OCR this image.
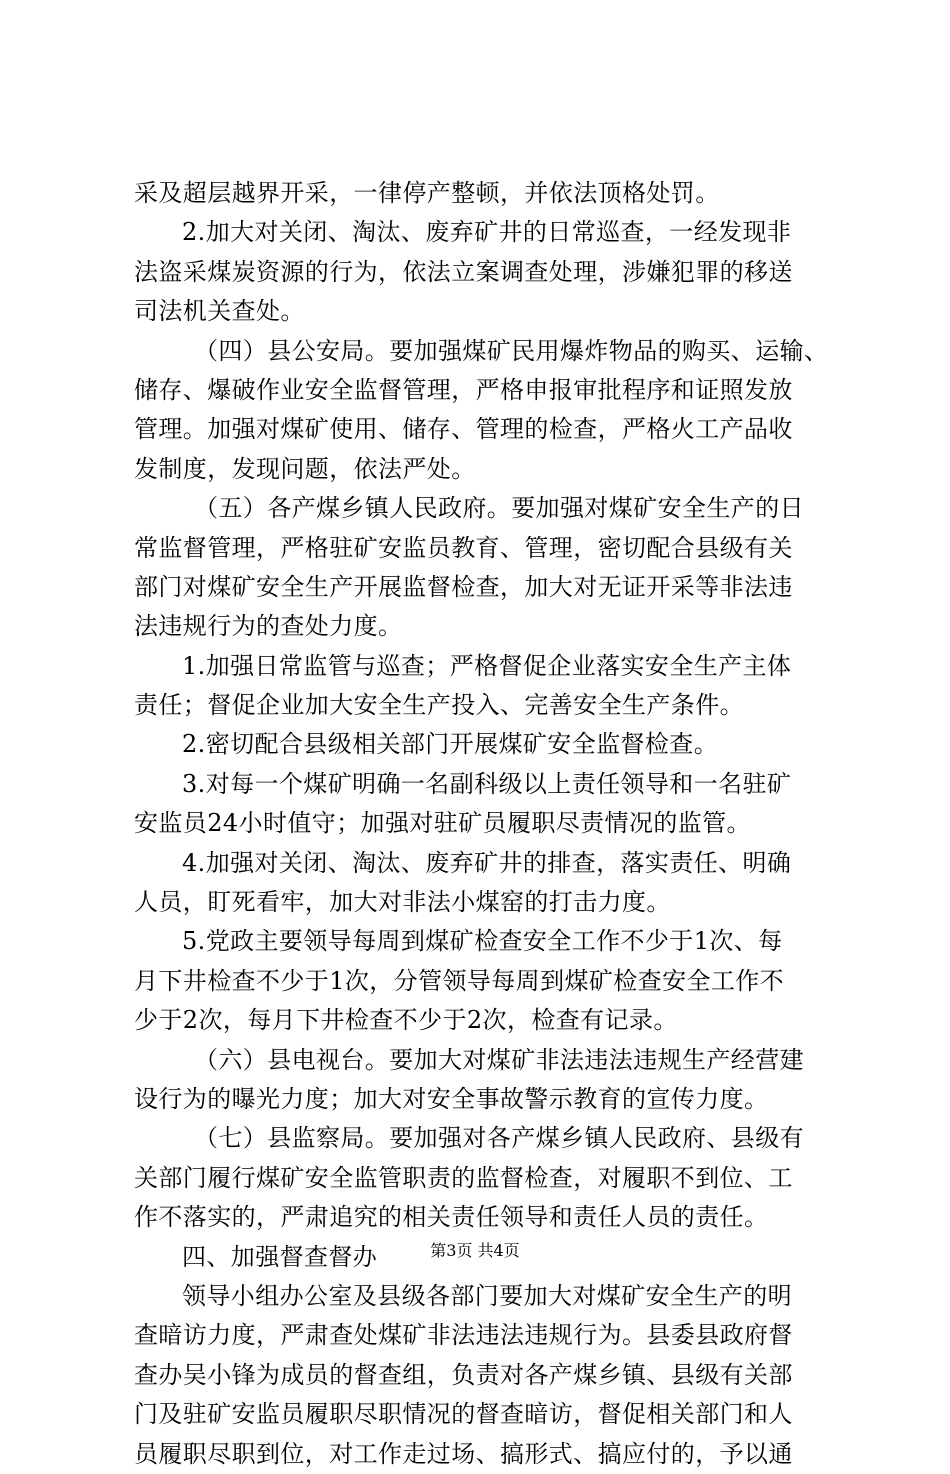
采及超层越界开采，一律停产整顿，并依法顶格处罚。
2.加大对关闭、淘汰、废弃矿井的日常巡查，一经发现非
法盗采煤炭资源的行为，依法立案调查处理，涉嫌犯罪的移送
司法机关查处。
（四）县公安局。要加强煤矿民用爆炸物品的购买、运输、
储存、爆破作业安全监督管理，严格申报审批程序和证照发放
管理。加强对煤矿使用、储存、管理的检查，严格火工产品收
发制度，发现问题，依法严处。
（五）各产煤乡镇人民政府。要加强对煤矿安全生产的日
常监督管理，严格驻矿安监员教育、管理，密切配合县级有关
部门对煤矿安全生产开展监督检查，加大对无证开采等非法违
法违规行为的查处力度。
1.加强日常监管与巡查；严格督促企业落实安全生产主体
责任；督促企业加大安全生产投入、完善安全生产条件。
2.密切配合县级相关部门开展煤矿安全监督检查。
3.对每一个煤矿明确一名副科级以上责任领导和一名驻矿
安监员24小时值守；加强对驻矿员履职尽责情况的监管。
4.加强对关闭、淘汰、废弃矿井的排查，落实责任、明确
人员，盯死看牢，加大对非法小煤窑的打击力度。
5.党政主要领导每周到煤矿检查安全工作不少于1次、每
月下井检查不少于1次，分管领导每周到煤矿检查安全工作不
少于2次，每月下井检查不少于2次，检查有记录。
（六）县电视台。要加大对煤矿非法违法违规生产经营建
设行为的曝光力度；加大对安全事故警示教育的宣传力度。
（七）县监察局。要加强对各产煤乡镇人民政府、县级有
关部门履行煤矿安全监管职责的监督检查，对履职不到位、工
作不落实的，严肃追究的相关责任领导和责任人员的责任。
四、加强督查督办
领导小组办公室及县级各部门要加大对煤矿安全生产的明
查暗访力度，严肃查处煤矿非法违法违规行为。县委县政府督
查办吴小锋为成员的督查组，负责对各产煤乡镇、县级有关部
门及驻矿安监员履职尽职情况的督查暗访，督促相关部门和人
员履职尽职到位，对工作走过场、搞形式、搞应付的，予以通
第3页 共4页
